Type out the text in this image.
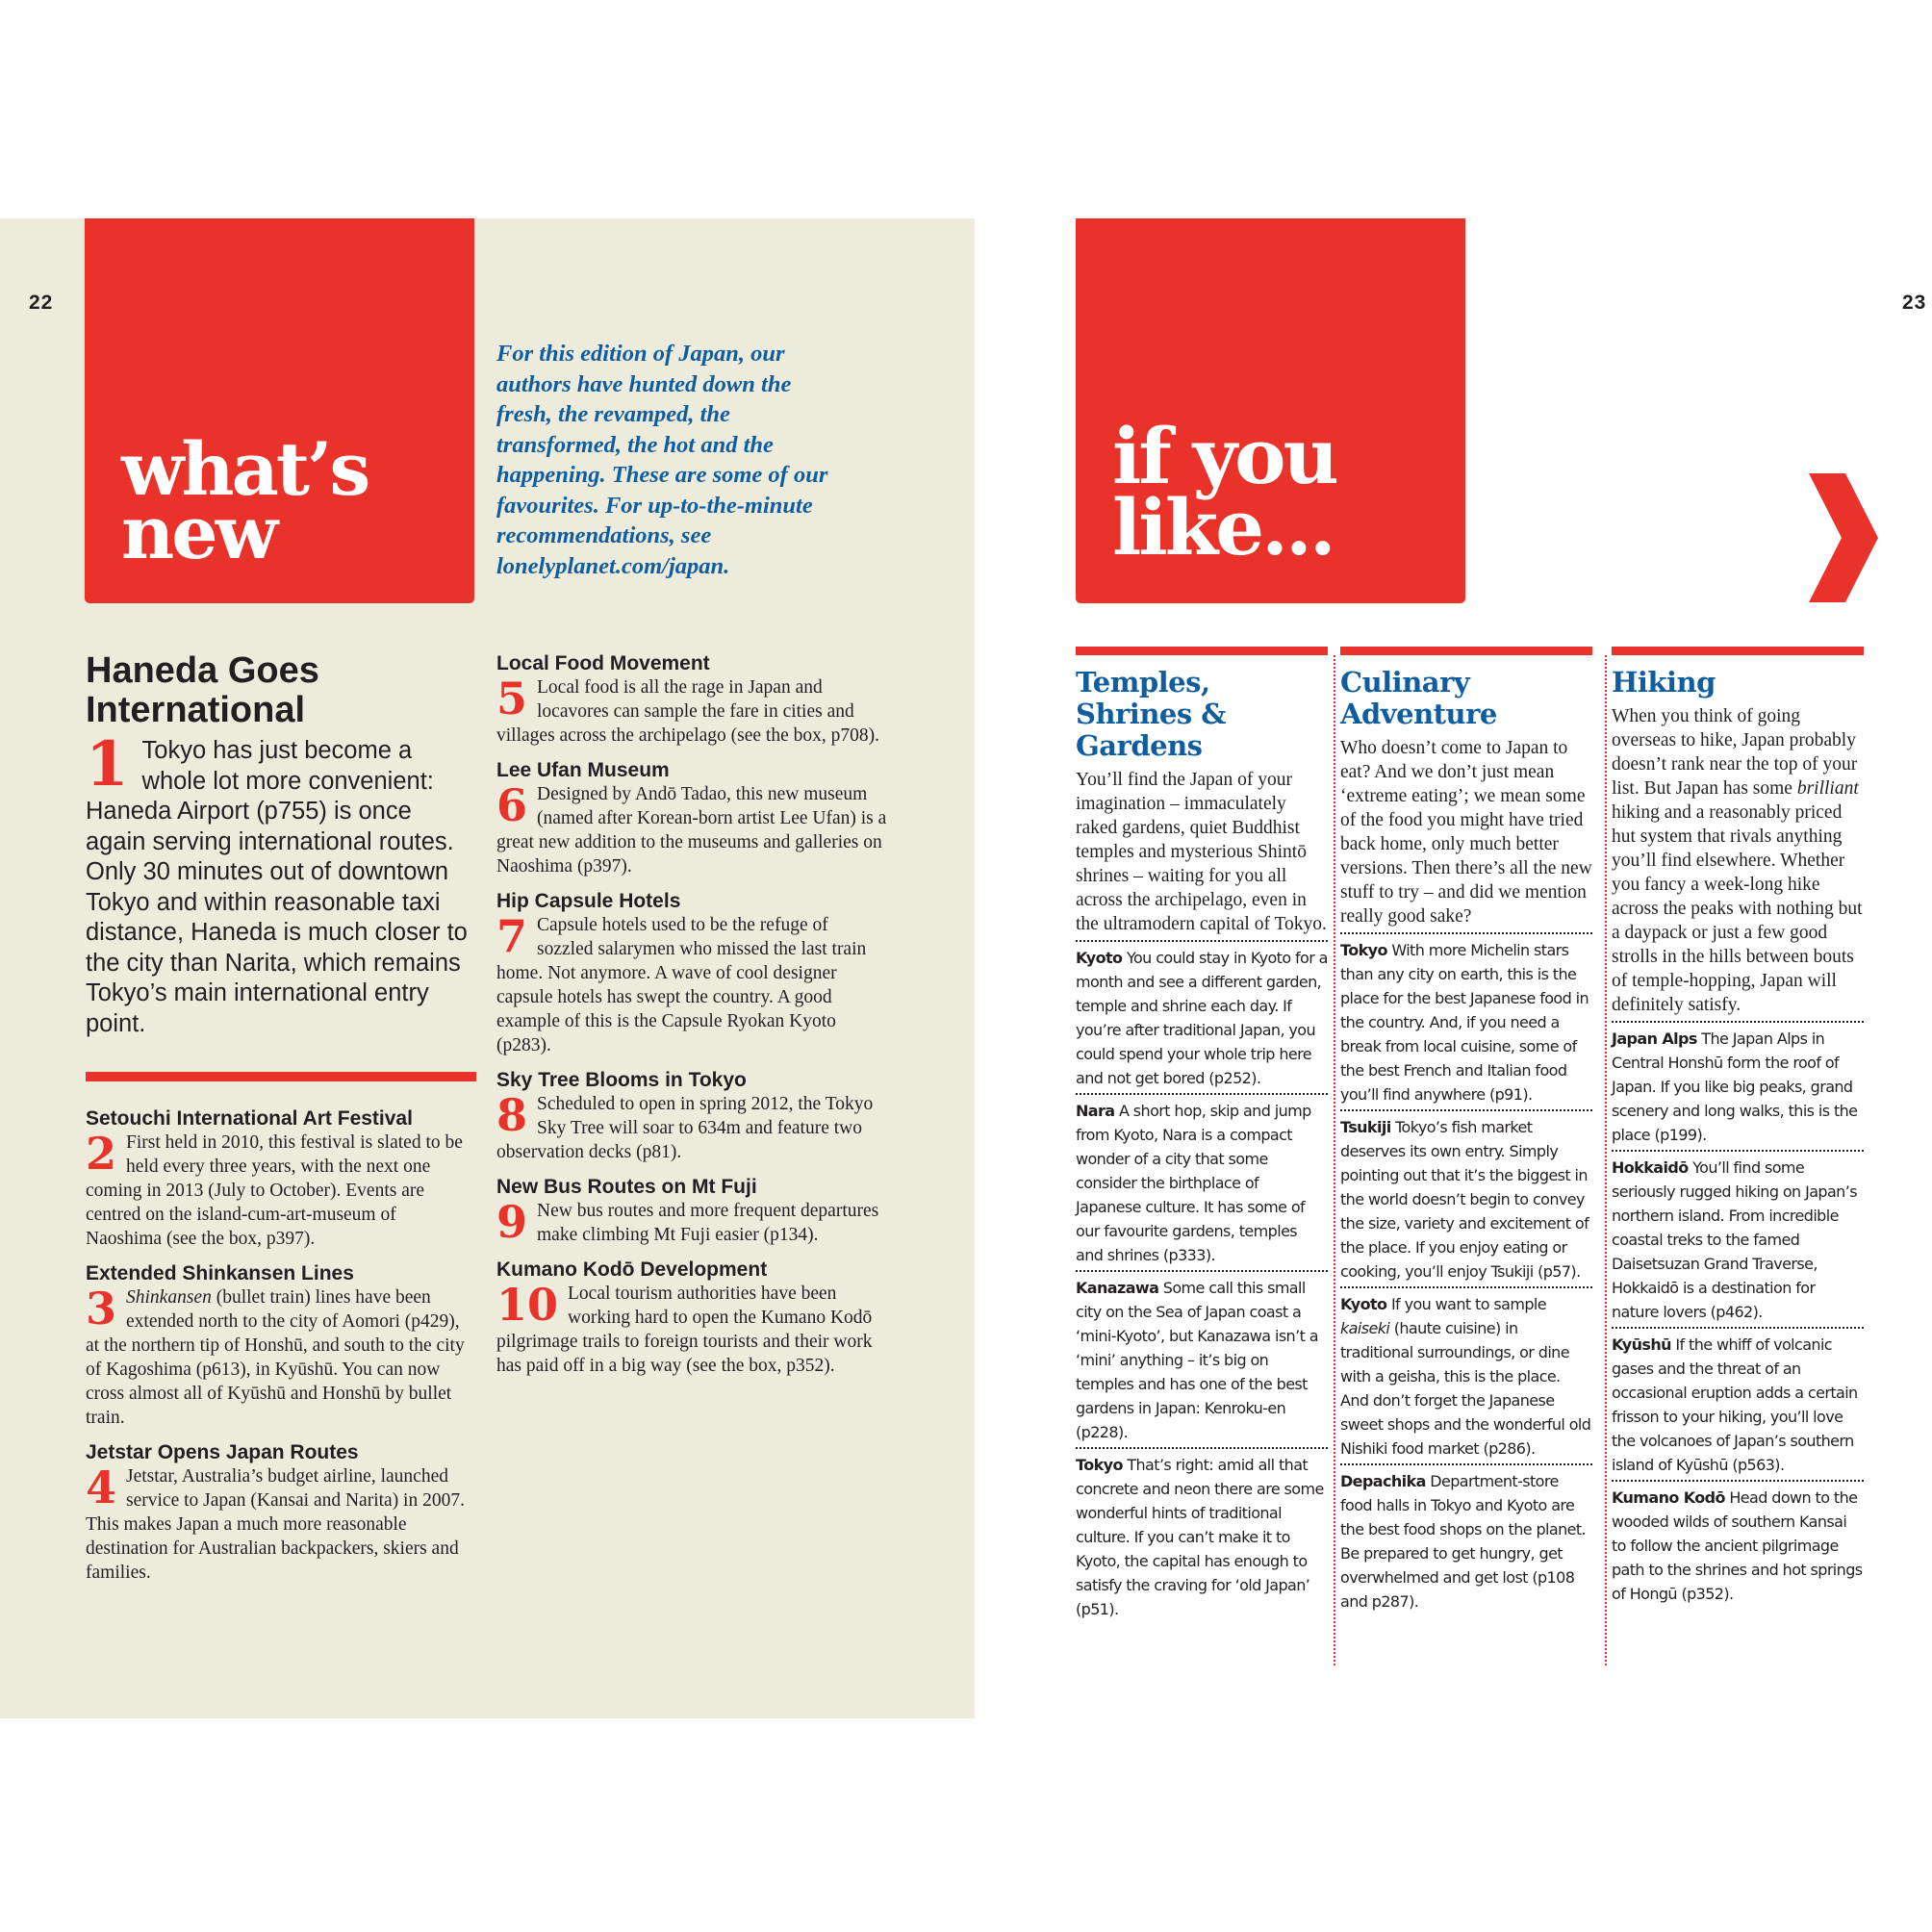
22
what’s
new
For this edition of Japan, our authors have hunted down the fresh, the revamped, the transformed, the hot and the happening. These are some of our favourites. For up-to-the-minute recommendations, see lonelyplanet.com/japan.
Haneda Goes International
1 Tokyo has just become a whole lot more convenient: Haneda Airport (p755) is once again serving international routes. Only 30 minutes out of downtown Tokyo and within reasonable taxi distance, Haneda is much closer to the city than Narita, which remains Tokyo’s main international entry point.
Setouchi International Art Festival
2 First held in 2010, this festival is slated to be held every three years, with the next one coming in 2013 (July to October). Events are centred on the island-cum-art-museum of Naoshima (see the box, p397).
Extended Shinkansen Lines
3 Shinkansen (bullet train) lines have been extended north to the city of Aomori (p429), at the northern tip of Honshū, and south to the city of Kagoshima (p613), in Kyūshū. You can now cross almost all of Kyūshū and Honshū by bullet train.
Jetstar Opens Japan Routes
4 Jetstar, Australia’s budget airline, launched service to Japan (Kansai and Narita) in 2007. This makes Japan a much more reasonable destination for Australian backpackers, skiers and families.
Local Food Movement
5 Local food is all the rage in Japan and locavores can sample the fare in cities and villages across the archipelago (see the box, p708).
Lee Ufan Museum
6 Designed by Andō Tadao, this new museum (named after Korean-born artist Lee Ufan) is a great new addition to the museums and galleries on Naoshima (p397).
Hip Capsule Hotels
7 Capsule hotels used to be the refuge of sozzled salarymen who missed the last train home. Not anymore. A wave of cool designer capsule hotels has swept the country. A good example of this is the Capsule Ryokan Kyoto (p283).
Sky Tree Blooms in Tokyo
8 Scheduled to open in spring 2012, the Tokyo Sky Tree will soar to 634m and feature two observation decks (p81).
New Bus Routes on Mt Fuji
9 New bus routes and more frequent departures make climbing Mt Fuji easier (p134).
Kumano Kodō Development
10 Local tourism authorities have been working hard to open the Kumano Kodō pilgrimage trails to foreign tourists and their work has paid off in a big way (see the box, p352).
23
if you
like...
Temples,
Shrines &
Gardens
You’ll find the Japan of your imagination – immaculately raked gardens, quiet Buddhist temples and mysterious Shintō shrines – waiting for you all across the archipelago, even in the ultramodern capital of Tokyo.
Kyoto You could stay in Kyoto for a month and see a different garden, temple and shrine each day. If you’re after traditional Japan, you could spend your whole trip here and not get bored (p252).
Nara A short hop, skip and jump from Kyoto, Nara is a compact wonder of a city that some consider the birthplace of Japanese culture. It has some of our favourite gardens, temples and shrines (p333).
Kanazawa Some call this small city on the Sea of Japan coast a ‘mini-Kyoto’, but Kanazawa isn’t a ‘mini’ anything – it’s big on temples and has one of the best gardens in Japan: Kenroku-en (p228).
Tokyo That’s right: amid all that concrete and neon there are some wonderful hints of traditional culture. If you can’t make it to Kyoto, the capital has enough to satisfy the craving for ‘old Japan’ (p51).
Culinary
Adventure
Who doesn’t come to Japan to eat? And we don’t just mean ‘extreme eating’; we mean some of the food you might have tried back home, only much better versions. Then there’s all the new stuff to try – and did we mention really good sake?
Tokyo With more Michelin stars than any city on earth, this is the place for the best Japanese food in the country. And, if you need a break from local cuisine, some of the best French and Italian food you’ll find anywhere (p91).
Tsukiji Tokyo’s fish market deserves its own entry. Simply pointing out that it’s the biggest in the world doesn’t begin to convey the size, variety and excitement of the place. If you enjoy eating or cooking, you’ll enjoy Tsukiji (p57).
Kyoto If you want to sample kaiseki (haute cuisine) in traditional surroundings, or dine with a geisha, this is the place. And don’t forget the Japanese sweet shops and the wonderful old Nishiki food market (p286).
Depachika Department-store food halls in Tokyo and Kyoto are the best food shops on the planet. Be prepared to get hungry, get overwhelmed and get lost (p108 and p287).
Hiking
When you think of going overseas to hike, Japan probably doesn’t rank near the top of your list. But Japan has some brilliant hiking and a reasonably priced hut system that rivals anything you’ll find elsewhere. Whether you fancy a week-long hike across the peaks with nothing but a daypack or just a few good strolls in the hills between bouts of temple-hopping, Japan will definitely satisfy.
Japan Alps The Japan Alps in Central Honshū form the roof of Japan. If you like big peaks, grand scenery and long walks, this is the place (p199).
Hokkaidō You’ll find some seriously rugged hiking on Japan’s northern island. From incredible coastal treks to the famed Daisetsuzan Grand Traverse, Hokkaidō is a destination for nature lovers (p462).
Kyūshū If the whiff of volcanic gases and the threat of an occasional eruption adds a certain frisson to your hiking, you’ll love the volcanoes of Japan’s southern island of Kyūshū (p563).
Kumano Kodō Head down to the wooded wilds of southern Kansai to follow the ancient pilgrimage path to the shrines and hot springs of Hongū (p352).
